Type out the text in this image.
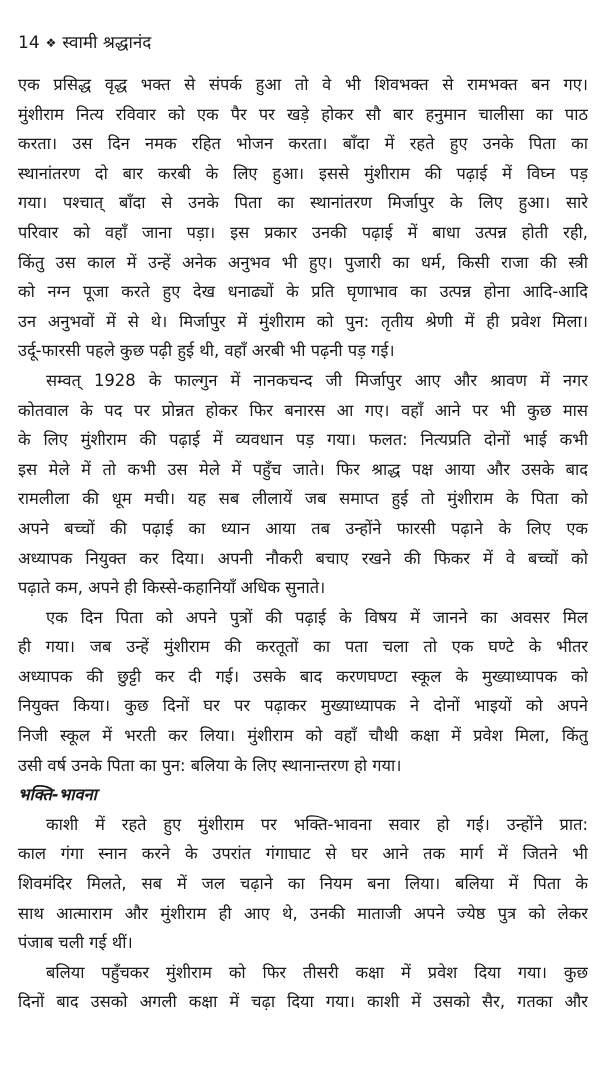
14 ❖ स्वामी श्रद्धानंद
एक प्रसिद्ध वृद्ध भक्त से संपर्क हुआ तो वे भी शिवभक्त से रामभक्त बन गए।
मुंशीराम नित्य रविवार को एक पैर पर खड़े होकर सौ बार हनुमान चालीसा का पाठ
करता। उस दिन नमक रहित भोजन करता। बाँदा में रहते हुए उनके पिता का
स्थानांतरण दो बार करबी के लिए हुआ। इससे मुंशीराम की पढ़ाई में विघ्न पड़
गया। पश्चात् बाँदा से उनके पिता का स्थानांतरण मिर्जापुर के लिए हुआ। सारे
परिवार को वहाँ जाना पड़ा। इस प्रकार उनकी पढ़ाई में बाधा उत्पन्न होती रही,
किंतु उस काल में उन्हें अनेक अनुभव भी हुए। पुजारी का धर्म, किसी राजा की स्त्री
को नग्न पूजा करते हुए देख धनाढ्यों के प्रति घृणाभाव का उत्पन्न होना आदि-आदि
उन अनुभवों में से थे। मिर्जापुर में मुंशीराम को पुन: तृतीय श्रेणी में ही प्रवेश मिला।
उर्दू-फारसी पहले कुछ पढ़ी हुई थी, वहाँ अरबी भी पढ़नी पड़ गई।
सम्वत् 1928 के फाल्गुन में नानकचन्द जी मिर्जापुर आए और श्रावण में नगर
कोतवाल के पद पर प्रोन्नत होकर फिर बनारस आ गए। वहाँ आने पर भी कुछ मास
के लिए मुंशीराम की पढ़ाई में व्यवधान पड़ गया। फलत: नित्यप्रति दोनों भाई कभी
इस मेले में तो कभी उस मेले में पहुँच जाते। फिर श्राद्ध पक्ष आया और उसके बाद
रामलीला की धूम मची। यह सब लीलायें जब समाप्त हुई तो मुंशीराम के पिता को
अपने बच्चों की पढ़ाई का ध्यान आया तब उन्होंने फारसी पढ़ाने के लिए एक
अध्यापक नियुक्त कर दिया। अपनी नौकरी बचाए रखने की फिकर में वे बच्चों को
पढ़ाते कम, अपने ही किस्से-कहानियाँ अधिक सुनाते।
एक दिन पिता को अपने पुत्रों की पढ़ाई के विषय में जानने का अवसर मिल
ही गया। जब उन्हें मुंशीराम की करतूतों का पता चला तो एक घण्टे के भीतर
अध्यापक की छुट्टी कर दी गई। उसके बाद करणघण्टा स्कूल के मुख्याध्यापक को
नियुक्त किया। कुछ दिनों घर पर पढ़ाकर मुख्याध्यापक ने दोनों भाइयों को अपने
निजी स्कूल में भरती कर लिया। मुंशीराम को वहाँ चौथी कक्षा में प्रवेश मिला, किंतु
उसी वर्ष उनके पिता का पुन: बलिया के लिए स्थानान्तरण हो गया।
भक्ति-भावना
काशी में रहते हुए मुंशीराम पर भक्ति-भावना सवार हो गई। उन्होंने प्रात:
काल गंगा स्नान करने के उपरांत गंगाघाट से घर आने तक मार्ग में जितने भी
शिवमंदिर मिलते, सब में जल चढ़ाने का नियम बना लिया। बलिया में पिता के
साथ आत्माराम और मुंशीराम ही आए थे, उनकी माताजी अपने ज्येष्ठ पुत्र को लेकर
पंजाब चली गई थीं।
बलिया पहुँचकर मुंशीराम को फिर तीसरी कक्षा में प्रवेश दिया गया। कुछ
दिनों बाद उसको अगली कक्षा में चढ़ा दिया गया। काशी में उसको सैर, गतका और
